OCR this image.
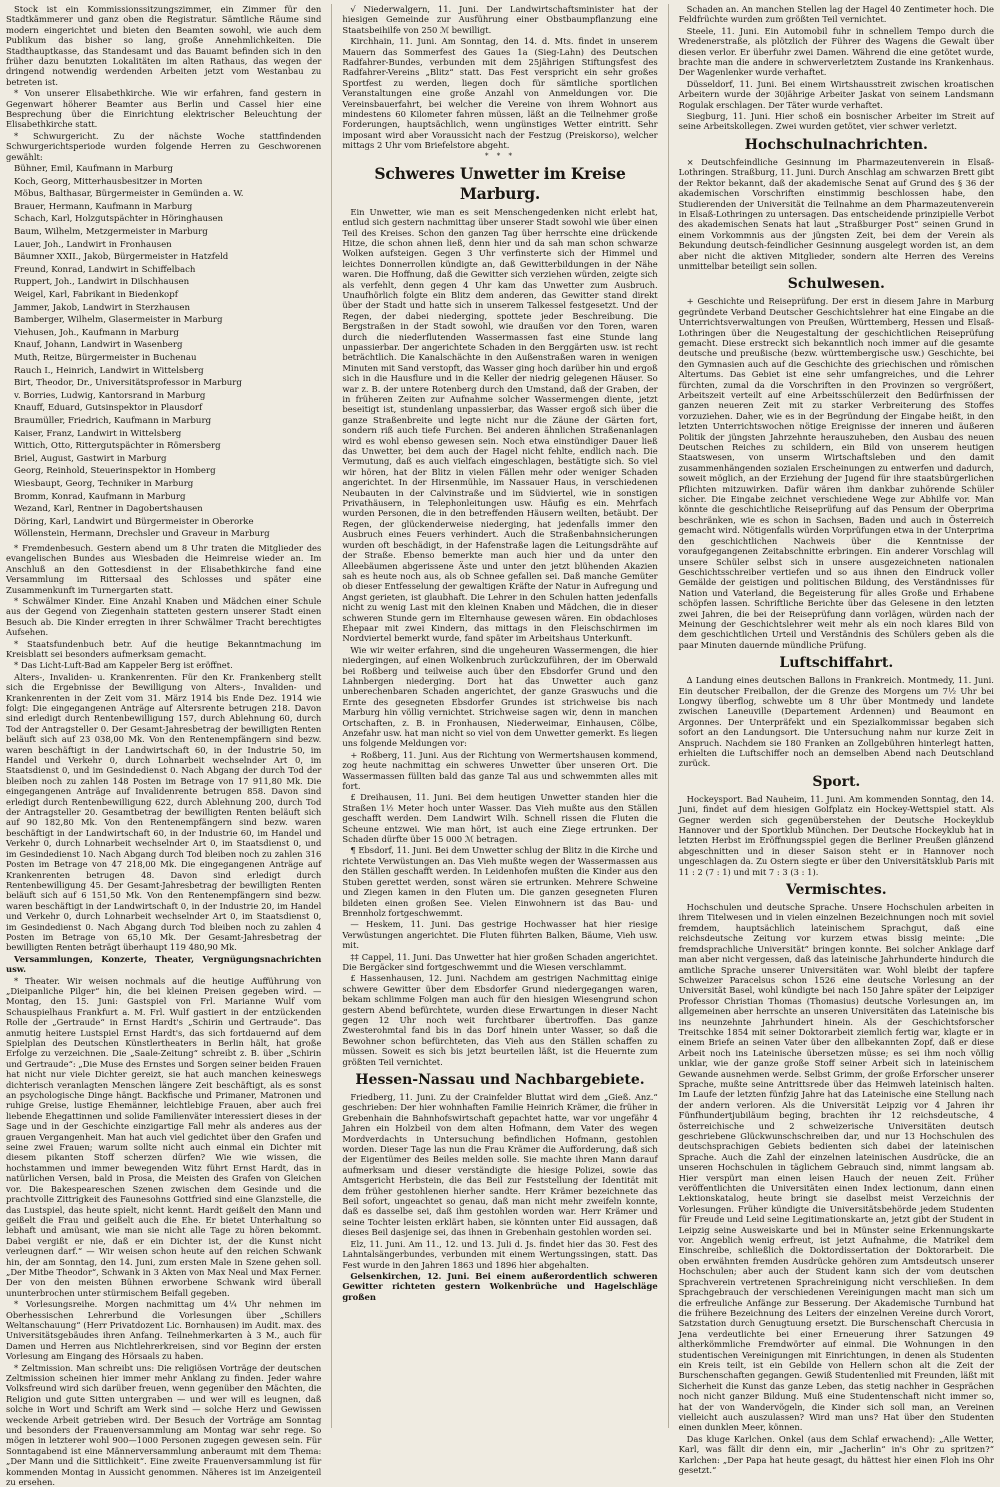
Stock ist ein Kommissionssitzungszimmer, ein Zimmer für den Stadtkämmerer und ganz oben die Registratur. Sämtliche Räume sind modern eingerichtet und bieten den Beamten sowohl, wie auch dem Publikum das bisher so lang, große Annehmlichkeiten. Die Stadthauptkasse, das Standesamt und das Bauamt befinden sich in den früher dazu benutzten Lokalitäten im alten Rathaus, das wegen der dringend notwendig werdenden Arbeiten jetzt vom Westanbau zu betreten ist.

* Von unserer Elisabethkirche. Wie wir erfahren, fand gestern in Gegenwart höherer Beamter aus Berlin und Cassel hier eine Besprechung über die Einrichtung elektrischer Beleuchtung der Elisabethkirche statt.

* Schwurgericht. Zu der nächste Woche stattfindenden Schwurgerichtsperiode wurden folgende Herren zu Geschworenen gewählt:

Bühner, Emil, Kaufmann in Marburg
Koch, Georg, Mitterhausbesitzer in Morten
Möbus, Balthasar, Bürgermeister in Gemünden a. W.
Brauer, Hermann, Kaufmann in Marburg
Schach, Karl, Holzgutspächter in Höringhausen
Baum, Wilhelm, Metzgermeister in Marburg
Lauer, Joh., Landwirt in Fronhausen
Bäumner XXII., Jakob, Bürgermeister in Hatzfeld
Freund, Konrad, Landwirt in Schiffelbach
Ruppert, Joh., Landwirt in Dilschhausen
Weigel, Karl, Fabrikant in Biedenkopf
Jammer, Jakob, Landwirt in Sterzhausen
Bamberger, Wilhelm, Glasermeister in Marburg
Viehusen, Joh., Kaufmann in Marburg
Knauf, Johann, Landwirt in Wasenberg
Muth, Reitze, Bürgermeister in Buchenau
Rauch I., Heinrich, Landwirt in Wittelsberg
Birt, Theodor, Dr., Universitätsprofessor in Marburg
v. Borries, Ludwig, Kantorsrand in Marburg
Knauff, Eduard, Gutsinspektor in Plausdorf
Braumüller, Friedrich, Kaufmann in Marburg
Kaiser, Franz, Landwirt in Wittelsberg
Wittich, Otto, Rittergutspächter in Römersberg
Briel, August, Gastwirt in Marburg
Georg, Reinhold, Steuerinspektor in Homberg
Wiesbaupt, Georg, Techniker in Marburg
Bromm, Konrad, Kaufmann in Marburg
Wezand, Karl, Rentner in Dagobertshausen
Döring, Karl, Landwirt und Bürgermeister in Oberorke
Wöllenstein, Hermann, Drechsler und Graveur in Marburg

* Fremdenbesuch. Gestern abend um 8 Uhr traten die Mitglieder des evangelischen Bundes aus Wiesbaden die Heimreise wieder an. Im Anschluß an den Gottesdienst in der Elisabethkirche fand eine Versammlung im Rittersaal des Schlosses und später eine Zusammenkunft im Turnergarten statt.

* Schwälmer Kinder. Eine Anzahl Knaben und Mädchen einer Schule aus der Gegend von Ziegenhain statteten gestern unserer Stadt einen Besuch ab. Die Kinder erregten in ihrer Schwälmer Tracht berechtigtes Aufsehen.

* Staatsfundenbuch betr. Auf die heutige Bekanntmachung im Kreisblatt sei besonders aufmerksam gemacht.

* Das Licht-Luft-Bad am Kappeler Berg ist eröffnet.

Alters-, Invaliden- u. Krankenrenten. Für den Kr. Frankenberg stellt sich die Ergebnisse der Bewilligung von Alters-, Invaliden- und Krankenrenten in der Zeit vom 31. März 1914 bis Ende Dez. 1914 wie folgt: Die eingegangenen Anträge auf Altersrente betrugen 218. Davon sind erledigt durch Rentenbewilligung 157, durch Ablehnung 60, durch Tod der Antragsteller 0. Der Gesamt-Jahresbetrag der bewilligten Renten beläuft sich auf 23 038,00 Mk. Von den Rentenempfängern sind bezw. waren beschäftigt in der Landwirtschaft 60, in der Industrie 50, im Handel und Verkehr 0, durch Lohnarbeit wechselnder Art 0, im Staatsdienst 0, und im Gesindedienst 0. Nach Abgang der durch Tod der bleiben noch zu zahlen 148 Posten im Betrage von 17 911,80 Mk. Die eingegangenen Anträge auf Invalidenrente betrugen 858. Davon sind erledigt durch Rentenbewilligung 622, durch Ablehnung 200, durch Tod der Antragsteller 20. Gesamtbetrag der bewilligten Renten beläuft sich auf 90 182,80 Mk. Von den Rentenempfängern sind bezw. waren beschäftigt in der Landwirtschaft 60, in der Industrie 60, im Handel und Verkehr 0, durch Lohnarbeit wechselnder Art 0, im Staatsdienst 0, und im Gesindedienst 10. Nach Abgang durch Tod bleiben noch zu zahlen 316 Posten im Betrage von 47 218,00 Mk. Die eingegangenen Anträge auf Krankenrenten betrugen 48. Davon sind erledigt durch Rentenbewilligung 45. Der Gesamt-Jahresbetrag der bewilligten Renten beläuft sich auf 6 151,50 Mk. Von den Rentenempfängern sind bezw. waren beschäftigt in der Landwirtschaft 0, in der Industrie 20, im Handel und Verkehr 0, durch Lohnarbeit wechselnder Art 0, im Staatsdienst 0, im Gesindedienst 0. Nach Abgang durch Tod bleiben noch zu zahlen 4 Posten im Betrage von 65,10 Mk. Der Gesamt-Jahresbetrag der bewilligten Renten beträgt überhaupt 119 480,90 Mk.

Versammlungen, Konzerte, Theater, Vergnügungsnachrichten usw.

* Theater. Wir weisen nochmals auf die heutige Aufführung von „Dieipanliche Pilger“ hin, die bei kleinen Preisen gegeben wird. — Montag, den 15. Juni: Gastspiel von Frl. Marianne Wulf vom Schauspielhaus Frankfurt a. M. Frl. Wulf gastiert in der entzückenden Rolle der „Gertraude“ in Ernst Hardt's „Schirin und Gertraude“. Das anmutig heitere Lustspiel Ernst Hardt's, das sich fortdauernd auf dem Spielplan des Deutschen Künstlertheaters in Berlin hält, hat große Erfolge zu verzeichnen. Die „Saale-Zeitung“ schreibt z. B. über „Schirin und Gertraude“: „Die Muse des Ernstes und Sorgen seiner beiden Frauen hat nicht nur viele Dichter gereizt, sie hat auch manchen keineswegs dichterisch veranlagten Menschen längere Zeit beschäftigt, als es sonst an psychologische Dinge hängt. Backfische und Primaner, Matronen und ruhige Greise, lustige Ehemänner, leichtlebige Frauen, aber auch frei liebende Ehegattinnen und solide Familienväter interessiert dieses in der Sage und in der Geschichte einzigartige Fall mehr als anderes aus der grauen Vergangenheit. Man hat auch viel gedichtet über den Grafen und seine zwei Frauen; warum sollte nicht auch einmal ein Dichter mit diesem pikanten Stoff scherzen dürfen? Wie wie wissen, die hochstammen und immer bewegenden Witz führt Ernst Hardt, das in natürlichen Versen, bald in Prosa, die Meisten des Grafen von Gleichen vor. Die Bakespeareschen Szenen zwischen dem Gesinde und die prachtvolle Zittrigkeit des Faunesohns Gottfried sind eine Glanzstelle, die das Lustspiel, das heute spielt, nicht kennt. Hardt geißelt den Mann und geißelt die Frau und geißelt auch die Ehe. Er bietet Unterhaltung so lebhaft und amüsant, wie man sie nicht alle Tage zu hören bekommt. Dabei vergißt er nie, daß er ein Dichter ist, der die Kunst nicht verleugnen darf.“ — Wir weisen schon heute auf den reichen Schwank hin, der am Sonntag, den 14. Juni, zum ersten Male in Szene gehen soll. „Der Mitbe Theodor“, Schwank in 3 Akten von Max Neal und Max Ferner. Der von den meisten Bühnen erworbene Schwank wird überall ununterbrochen unter stürmischem Beifall gegeben.

* Vorlesungsreihe. Morgen nachmittag um 4¼ Uhr nehmen im Oberhessischen Lehrerbund die Vorlesungen über „Schillers Weltanschauung“ (Herr Privatdozent Lic. Bornhausen) im Audit. max. des Universitätsgebäudes ihren Anfang. Teilnehmerkarten à 3 M., auch für Damen und Herren aus Nichtlehrerkreisen, sind vor Beginn der ersten Vorlesung am Eingang des Hörsaals zu haben.

* Zeltmission. Man schreibt uns: Die religiösen Vorträge der deutschen Zeltmission scheinen hier immer mehr Anklang zu finden. Jeder wahre Volksfreund wird sich darüber freuen, wenn gegenüber den Mächten, die Religion und gute Sitten untergraben — und wer will es leugnen, daß solche in Wort und Schrift am Werk sind — solche Herz und Gewissen weckende Arbeit getrieben wird. Der Besuch der Vorträge am Sonntag und besonders der Frauenversammlung am Montag war sehr rege. So mögen in letzterer wohl 900—1000 Personen zugegen gewesen sein. Für Sonntagabend ist eine Männerversammlung anberaumt mit dem Thema: „Der Mann und die Sittlichkeit“. Eine zweite Frauenversammlung ist für kommenden Montag in Aussicht genommen. Näheres ist im Anzeigenteil zu ersehen.

√ Niederwalgern, 11. Juni. Der Landwirtschaftsminister hat der hiesigen Gemeinde zur Ausführung einer Obstbaumpflanzung eine Staatsbeihilfe von 250 ℳ bewilligt.

Kirchhain, 11. Juni. Am Sonntag, den 14. d. Mts. findet in unserem Mauern das Sommerfest des Gaues 1a (Sieg-Lahn) des Deutschen Radfahrer-Bundes, verbunden mit dem 25jährigen Stiftungsfest des Radfahrer-Vereins „Blitz“ statt. Das Fest verspricht ein sehr großes Sportfest zu werden, liegen doch für sämtliche sportlichen Veranstaltungen eine große Anzahl von Anmeldungen vor. Die Vereinsbauerfahrt, bei welcher die Vereine von ihrem Wohnort aus mindestens 60 Kilometer fahren müssen, läßt an die Teilnehmer große Forderungen, hauptsächlich, wenn ungünstiges Wetter eintritt. Sehr imposant wird aber Voraussicht nach der Festzug (Preiskorso), welcher mittags 2 Uhr vom Briefelstore abgeht.

* * *
Schweres Unwetter im Kreise Marburg.

Ein Unwetter, wie man es seit Menschengedenken nicht erlebt hat, entlud sich gestern nachmittag über unserer Stadt sowohl wie über einen Teil des Kreises. Schon den ganzen Tag über herrschte eine drückende Hitze, die schon ahnen ließ, denn hier und da sah man schon schwarze Wolken aufsteigen. Gegen 3 Uhr verfinsterte sich der Himmel und leichtes Donnerrollen kündigte an, daß Gewitterbildungen in der Nähe waren. Die Hoffnung, daß die Gewitter sich verziehen würden, zeigte sich als verfehlt, denn gegen 4 Uhr kam das Unwetter zum Ausbruch. Unaufhörlich folgte ein Blitz dem anderen, das Gewitter stand direkt über der Stadt und hatte sich in unserem Talkessel festgesetzt. Und der Regen, der dabei niederging, spottete jeder Beschreibung. Die Bergstraßen in der Stadt sowohl, wie draußen vor den Toren, waren durch die niederflutenden Wassermassen fast eine Stunde lang unpassierbar. Der angerichtete Schaden in den Berggärten usw. ist recht beträchtlich. Die Kanalschächte in den Außenstraßen waren in wenigen Minuten mit Sand verstopft, das Wasser ging hoch darüber hin und ergoß sich in die Hausflure und in die Keller der niedrig gelegenen Häuser. So war z. B. der untere Rotenberg durch den Umstand, daß der Graben, der in früheren Zeiten zur Aufnahme solcher Wassermengen diente, jetzt beseitigt ist, stundenlang unpassierbar, das Wasser ergoß sich über die ganze Straßenbreite und legte nicht nur die Zäune der Gärten fort, sondern riß auch tiefe Furchen. Bei anderen ähnlichen Straßenanlagen wird es wohl ebenso gewesen sein. Noch etwa einstündiger Dauer ließ das Unwetter, bei dem auch der Hagel nicht fehlte, endlich nach. Die Vermutung, daß es auch vielfach eingeschlagen, bestätigte sich. So viel wir hören, hat der Blitz in vielen Fällen mehr oder weniger Schaden angerichtet. In der Hirsenmühle, im Nassauer Haus, in verschiedenen Neubauten in der Calvinstraße und im Südviertel, wie in sonstigen Privathäusern, in Telephonleitungen usw. Häufig es ein. Mehrfach wurden Personen, die in den betreffenden Häusern weilten, betäubt. Der Regen, der glückenderweise niederging, hat jedenfalls immer den Ausbruch eines Feuers verhindert. Auch die Straßenbahnsicherungen wurden oft beschädigt, in der Hafenstraße lagen die Leitungsdrähte auf der Straße. Ebenso bemerkte man auch hier und da unter den Alleebäumen abgerissene Äste und unter den jetzt blühenden Akazien sah es heute noch aus, als ob Schnee gefallen sei. Daß manche Gemüter ob dieser Entfesselung der gewaltigen Kräfte der Natur in Aufregung und Angst gerieten, ist glaubhaft. Die Lehrer in den Schulen hatten jedenfalls nicht zu wenig Last mit den kleinen Knaben und Mädchen, die in dieser schweren Stunde gern im Elternhause gewesen wären. Ein obdachloses Ehepaar mit zwei Kindern, das mittags in den Fleischschirmen im Nordviertel bemerkt wurde, fand später im Arbeitshaus Unterkunft.

Wie wir weiter erfahren, sind die ungeheuren Wassermengen, die hier niedergingen, auf einen Wolkenbruch zurückzuführen, der im Oberwald bei Roßberg und teilweise auch über den Ebsdorfer Grund und den Lahnbergen niederging. Dort hat das Unwetter auch ganz unberechenbaren Schaden angerichtet, der ganze Graswuchs und die Ernte des gesegneten Ebsdorfer Grundes ist strichweise bis nach Marburg hin völlig vernichtet. Strichweise sagen wir, denn in manchen Ortschaften, z. B. in Fronhausen, Niederweimar, Einhausen, Cölbe, Anzefahr usw. hat man nicht so viel von dem Unwetter gemerkt. Es liegen uns folgende Meldungen vor:

+ Roßberg, 11. Juni. Aus der Richtung von Wermertshausen kommend, zog heute nachmittag ein schweres Unwetter über unseren Ort. Die Wassermassen füllten bald das ganze Tal aus und schwemmten alles mit fort.

£ Dreihausen, 11. Juni. Bei dem heutigen Unwetter standen hier die Straßen 1½ Meter hoch unter Wasser. Das Vieh mußte aus den Ställen geschafft werden. Dem Landwirt Wilh. Schnell rissen die Fluten die Scheune entzwei. Wie man hört, ist auch eine Ziege ertrunken. Der Schaden dürfte über 15 000 ℳ betragen.

¶ Ebsdorf, 11. Juni. Bei dem Unwetter schlug der Blitz in die Kirche und richtete Verwüstungen an. Das Vieh mußte wegen der Wassermassen aus den Ställen geschafft werden. In Leidenhofen mußten die Kinder aus den Stuben gerettet werden, sonst wären sie ertrunken. Mehrere Schweine und Ziegen kamen in den Fluten um. Die ganzen gesegneten Fluren bildeten einen großen See. Vielen Einwohnern ist das Bau- und Brennholz fortgeschwemmt.

— Heskem, 11. Juni. Das gestrige Hochwasser hat hier riesige Verwüstungen angerichtet. Die Fluten führten Balken, Bäume, Vieh usw. mit.

‡‡ Cappel, 11. Juni. Das Unwetter hat hier großen Schaden angerichtet. Die Bergäcker sind fortgeschwemmt und die Wiesen verschlammt.

£ Hassenhausen, 12. Juni. Nachdem am gestrigen Nachmittag einige schwere Gewitter über dem Ebsdorfer Grund niedergegangen waren, bekam schlimme Folgen man auch für den hiesigen Wiesengrund schon gestern Abend befürchtete, wurden diese Erwartungen in dieser Nacht gegen 12 Uhr noch weit furchtbarer übertroffen. Das ganze Zwesterohmtal fand bis in das Dorf hinein unter Wasser, so daß die Bewohner schon befürchteten, das Vieh aus den Ställen schaffen zu müssen. Soweit es sich bis jetzt beurteilen läßt, ist die Heuernte zum größten Teil vernichtet.

Hessen-Nassau und Nachbargebiete.

Friedberg, 11. Juni. Zu der Crainfelder Bluttat wird dem „Gieß. Anz.“ geschrieben: Der hier wohnhaften Familie Heinrich Krämer, die früher in Grebenhain die Bahnhofswirtschaft gepachtet hatte, war vor ungefähr 4 Jahren ein Holzbeil von dem alten Hofmann, dem Vater des wegen Mordverdachts in Untersuchung befindlichen Hofmann, gestohlen worden. Dieser Tage las nun die Frau Krämer die Aufforderung, daß sich der Eigentümer des Beiles melden solle. Sie machte ihren Mann darauf aufmerksam und dieser verständigte die hiesige Polizei, sowie das Amtsgericht Herbstein, die das Beil zur Feststellung der Identität mit dem früher gestohlenen hierher sandte. Herr Krämer bezeichnete das Beil sofort, ungeachtet so genau, daß man nicht mehr zweifeln konnte, daß es dasselbe sei, daß ihm gestohlen worden war. Herr Krämer und seine Tochter leisten erklärt haben, sie könnten unter Eid aussagen, daß dieses Beil dasjenige sei, das ihnen in Grebenhain gestohlen worden sei.

Elz, 11. Juni. Am 11., 12. und 13. Juli d. Js. findet hier das 30. Fest des Lahntalsängerbundes, verbunden mit einem Wertungssingen, statt. Das Fest wurde in den Jahren 1863 und 1896 hier abgehalten.

Gelsenkirchen, 12. Juni. Bei einem außerordentlich schweren Gewitter richteten gestern Wolkenbrüche und Hagelschläge großen

Schaden an. An manchen Stellen lag der Hagel 40 Zentimeter hoch. Die Feldfrüchte wurden zum größten Teil vernichtet.

Steele, 11. Juni. Ein Automobil fuhr in schnellem Tempo durch die Wredenerstraße, als plötzlich der Führer des Wagens die Gewalt über diesen verlor. Er überfuhr zwei Damen. Während die eine getötet wurde, brachte man die andere in schwerverletztem Zustande ins Krankenhaus. Der Wagenlenker wurde verhaftet.

Düsseldorf, 11. Juni. Bei einem Wirtshausstreit zwischen kroatischen Arbeitern wurde der 30jährige Arbeiter Jaskat von seinem Landsmann Rogulak erschlagen. Der Täter wurde verhaftet.

Siegburg, 11. Juni. Hier schoß ein bosnischer Arbeiter im Streit auf seine Arbeitskollegen. Zwei wurden getötet, vier schwer verletzt.

Hochschulnachrichten.

× Deutschfeindliche Gesinnung im Pharmazeutenverein in Elsaß-Lothringen. Straßburg, 11. Juni. Durch Anschlag am schwarzen Brett gibt der Rektor bekannt, daß der akademische Senat auf Grund des § 36 der akademischen Vorschriften einstimmig beschlossen habe, den Studierenden der Universität die Teilnahme an dem Pharmazeutenverein in Elsaß-Lothringen zu untersagen. Das entscheidende prinzipielle Verbot des akademischen Senats hat laut „Straßburger Post“ seinen Grund in einem Vorkommnis aus der jüngsten Zeit, bei dem der Verein als Bekundung deutsch-feindlicher Gesinnung ausgelegt worden ist, an dem aber nicht die aktiven Mitglieder, sondern alte Herren des Vereins unmittelbar beteiligt sein sollen.

Schulwesen.

+ Geschichte und Reiseprüfung. Der erst in diesem Jahre in Marburg gegründete Verband Deutscher Geschichtslehrer hat eine Eingabe an die Unterrichtsverwaltungen von Preußen, Württemberg, Hessen und Elsaß-Lothringen über die Neugestaltung der geschichtlichen Reiseprüfung gemacht. Diese erstreckt sich bekanntlich noch immer auf die gesamte deutsche und preußische (bezw. württembergische usw.) Geschichte, bei den Gymnasien auch auf die Geschichte des griechischen und römischen Altertums. Das Gebiet ist eine sehr umfangreiches, und die Lehrer fürchten, zumal da die Vorschriften in den Provinzen so vergrößert, Arbeitszeit verteilt auf eine Arbeitsschülerzeit den Bedürfnissen der ganzen neueren Zeit mit zu starker Verbreiterung des Stoffes vorzuziehen. Daher, wie es in der Begründung der Eingabe heißt, in den letzten Unterrichtswochen nötige Ereignisse der inneren und äußeren Politik der jüngsten Jahrzehnte herauszuheben, den Ausbau des neuen Deutschen Reiches zu schildern, ein Bild von unserem heutigen Staatswesen, von unserm Wirtschaftsleben und den damit zusammenhängenden sozialen Erscheinungen zu entwerfen und dadurch, soweit möglich, an der Erziehung der Jugend für ihre staatsbürgerlichen Pflichten mitzuwirken. Dafür wären ihm dankbar zuhörende Schüler sicher. Die Eingabe zeichnet verschiedene Wege zur Abhilfe vor. Man könnte die geschichtliche Reiseprüfung auf das Pensum der Oberprima beschränken, wie es schon in Sachsen, Baden und auch in Österreich gemacht wird. Nötigenfalls würden Vorprüfungen etwa in der Unterprima den geschichtlichen Nachweis über die Kenntnisse der voraufgegangenen Zeitabschnitte erbringen. Ein anderer Vorschlag will unsere Schüler selbst sich in unsere ausgezeichneten nationalen Geschichtsschreiber vertiefen und so aus ihnen den Eindruck voller Gemälde der geistigen und politischen Bildung, des Verständnisses für Nation und Vaterland, die Begeisterung für alles Große und Erhabene schöpfen lassen. Schriftliche Berichte über das Gelesene in den letzten zwei Jahren, die bei der Reiseprüfung dann vorlägen, würden nach der Meinung der Geschichtslehrer weit mehr als ein noch klares Bild von dem geschichtlichen Urteil und Verständnis des Schülers geben als die paar Minuten dauernde mündliche Prüfung.

Luftschiffahrt.

∆ Landung eines deutschen Ballons in Frankreich. Montmedy, 11. Juni. Ein deutscher Freiballon, der die Grenze des Morgens um 7½ Uhr bei Longwy überflog, schwebte um 8 Uhr über Montmedy und landete zwischen Laneuville (Departement Ardennen) und Beaumont en Argonnes. Der Unterpräfekt und ein Spezialkommissar begaben sich sofort an den Landungsort. Die Untersuchung nahm nur kurze Zeit in Anspruch. Nachdem sie 180 Franken an Zollgebühren hinterlegt hatten, erhielten die Luftschiffer noch an demselben Abend nach Deutschland zurück.

Sport.

Hockeysport. Bad Nauheim, 11. Juni. Am kommenden Sonntag, den 14. Juni, findet auf dem hiesigen Golfplatz ein Hockey-Wettspiel statt. Als Gegner werden sich gegenüberstehen der Deutsche Hockeyklub Hannover und der Sportklub München. Der Deutsche Hockeyklub hat in letzten Herbst im Eröffnungsspiel gegen die Berliner Preußen glänzend abgeschnitten und in dieser Saison steht er in Hannover noch ungeschlagen da. Zu Ostern siegte er über den Universitätsklub Paris mit 11 : 2 (7 : 1) und mit 7 : 3 (3 : 1).

Vermischtes.

Hochschulen und deutsche Sprache. Unsere Hochschulen arbeiten in ihrem Titelwesen und in vielen einzelnen Bezeichnungen noch mit soviel fremdem, hauptsächlich lateinischem Sprachgut, daß eine reichsdeutsche Zeitung vor kurzem etwas bissig meinte: „Die fremdsprachliche Universität“ bringen konnte. Bei solcher Anklage darf man aber nicht vergessen, daß das lateinische Jahrhunderte hindurch die amtliche Sprache unserer Universitäten war. Wohl bleibt der tapfere Schweizer Paracelsus schon 1526 eine deutsche Vorlesung an der Universität Basel, wohl kündigte bei nach 150 Jahre später der Leipziger Professor Christian Thomas (Thomasius) deutsche Vorlesungen an, im allgemeinen aber herrschte an unseren Universitäten das Lateinische bis ins neunzehnte Jahrhundert hinein. Als der Geschichtsforscher Treitschke 1854 mit seiner Doktorarbeit ziemlich fertig war, klagte er in einem Briefe an seinen Vater über den allbekannten Zopf, daß er diese Arbeit noch ins Lateinische übersetzen müsse; es sei ihm noch völlig unklar, wie der ganze große Stoff seiner Arbeit sich in lateinischem Gewande ausnehmen werde. Selbst Grimm, der große Erforscher unserer Sprache, mußte seine Antrittsrede über das Heimweh lateinisch halten. Im Laufe der letzten fünfzig Jahre hat das Lateinische eine Stellung nach der andern verloren. Als die Universität Leipzig vor 4 Jahren ihr Fünfhundertjubiläum beging, brachten ihr 12 reichsdeutsche, 4 österreichische und 2 schweizerische Universitäten deutsch geschriebene Glückwunschschreiben dar, und nur 13 Hochschulen des deutschsprachigen Gebiets bedienten sich dabei der lateinischen Sprache. Auch die Zahl der einzelnen lateinischen Ausdrücke, die an unseren Hochschulen in täglichem Gebrauch sind, nimmt langsam ab. Hier verspürt man einen leisen Hauch der neuen Zeit. Früher veröffentlichten die Universitäten einen Index lectionum, dann einen Lektionskatalog, heute bringt sie daselbst meist Verzeichnis der Vorlesungen. Früher kündigte die Universitätsbehörde jedem Studenten für Freude und Leid seine Legitimationskarte an, jetzt gibt der Student in Leipzig seine Ausweiskarte und bei in Münster seine Erkennungskarte vor. Angeblich wenig erfreut, ist jetzt Aufnahme, die Matrikel dem Einschreibe, schließlich die Doktordissertation der Doktorarbeit. Die oben erwähnten fremden Ausdrücke gehören zum Amtsdeutsch unserer Hochschulen; aber auch der Student kann sich der vom deutschen Sprachverein vertretenen Sprachreinigung nicht verschließen. In dem Sprachgebrauch der verschiedenen Vereinigungen macht man sich um die erfreuliche Anfänge zur Besserung. Der Akademische Turnbund hat die frühere Bezeichnung des Leiters der einzelnen Vereine durch Vorort, Satzstation durch Genugtuung ersetzt. Die Burschenschaft Chercusia in Jena verdeutlichte bei einer Erneuerung ihrer Satzungen 49 altherkömmliche Fremdwörter auf einmal. Die Wohnungen in den studentischen Vereinigungen mit Einrichtungen, in denen als Studenten ein Kreis teilt, ist ein Gebilde von Hellern schon alt die Zeit der Burschenschaften gegangen. Gewiß Studentenlied mit Freunden, läßt mit Sicherheit die Kunst das ganze Leben, das stetig nachher in Gesprächen noch nicht ganzer Bildung. Muß eine Studentenschaft nicht immer so, hat der von Wandervögeln, die Kinder sich soll man, an Vereinen vielleicht auch auszulassen? Wird man uns? Hat über den Studenten einen dunklen Meer, können.

Das kluge Karlchen. Onkel (aus dem Schlaf erwachend): „Alle Wetter, Karl, was fällt dir denn ein, mir „Jacherlin“ in's Ohr zu spritzen?“ Karlchen: „Der Papa hat heute gesagt, du hättest hier einen Floh ins Ohr gesetzt.“
